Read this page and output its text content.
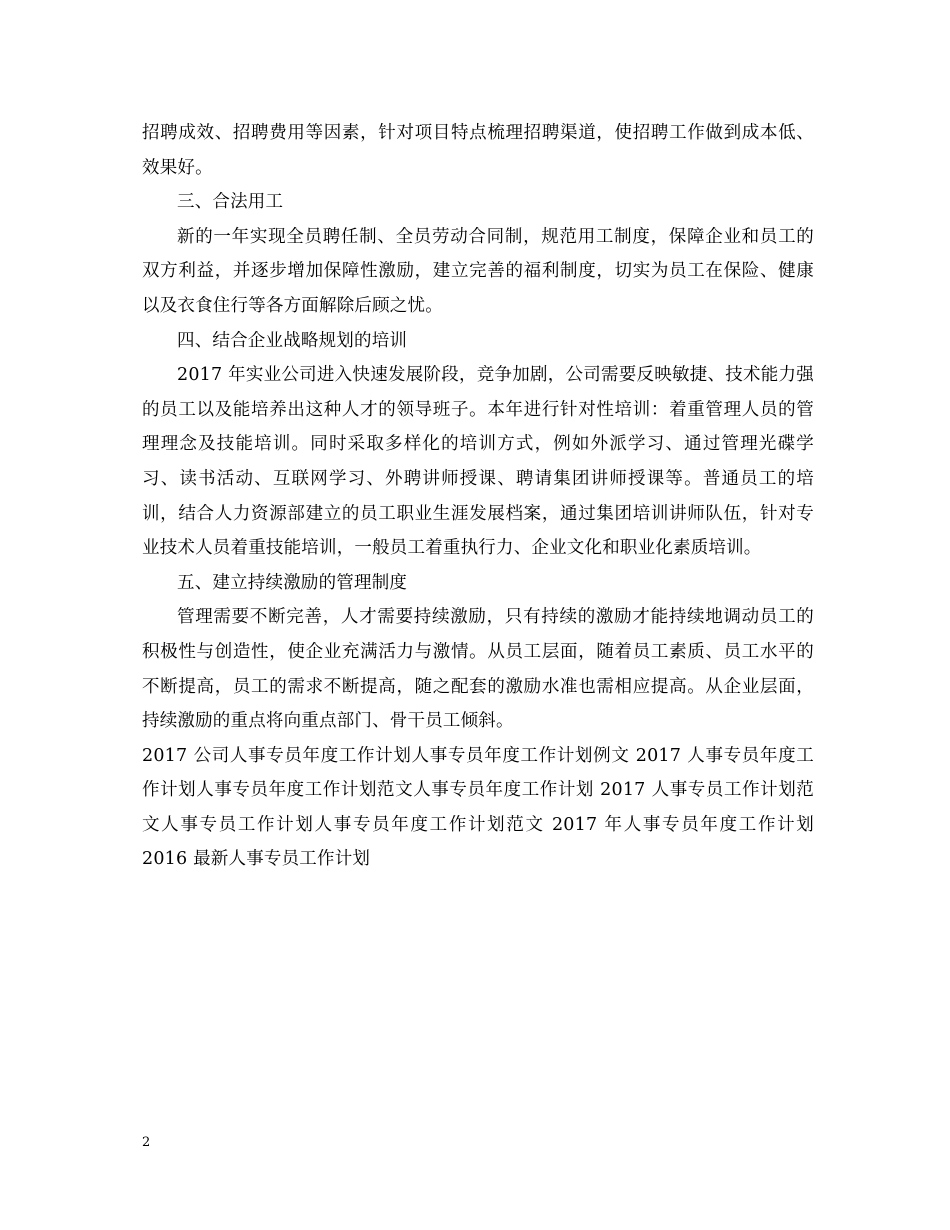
招聘成效、招聘费用等因素，针对项目特点梳理招聘渠道，使招聘工作做到成本低、效果好。

三、合法用工

新的一年实现全员聘任制、全员劳动合同制，规范用工制度，保障企业和员工的双方利益，并逐步增加保障性激励，建立完善的福利制度，切实为员工在保险、健康以及衣食住行等各方面解除后顾之忧。

四、结合企业战略规划的培训

2017 年实业公司进入快速发展阶段，竞争加剧，公司需要反映敏捷、技术能力强的员工以及能培养出这种人才的领导班子。本年进行针对性培训：着重管理人员的管理理念及技能培训。同时采取多样化的培训方式，例如外派学习、通过管理光碟学习、读书活动、互联网学习、外聘讲师授课、聘请集团讲师授课等。普通员工的培训，结合人力资源部建立的员工职业生涯发展档案，通过集团培训讲师队伍，针对专业技术人员着重技能培训，一般员工着重执行力、企业文化和职业化素质培训。

五、建立持续激励的管理制度

管理需要不断完善，人才需要持续激励，只有持续的激励才能持续地调动员工的积极性与创造性，使企业充满活力与激情。从员工层面，随着员工素质、员工水平的不断提高，员工的需求不断提高，随之配套的激励水准也需相应提高。从企业层面，持续激励的重点将向重点部门、骨干员工倾斜。

2017 公司人事专员年度工作计划人事专员年度工作计划例文 2017 人事专员年度工作计划人事专员年度工作计划范文人事专员年度工作计划 2017 人事专员工作计划范文人事专员工作计划人事专员年度工作计划范文 2017 年人事专员年度工作计划 2016 最新人事专员工作计划

2
